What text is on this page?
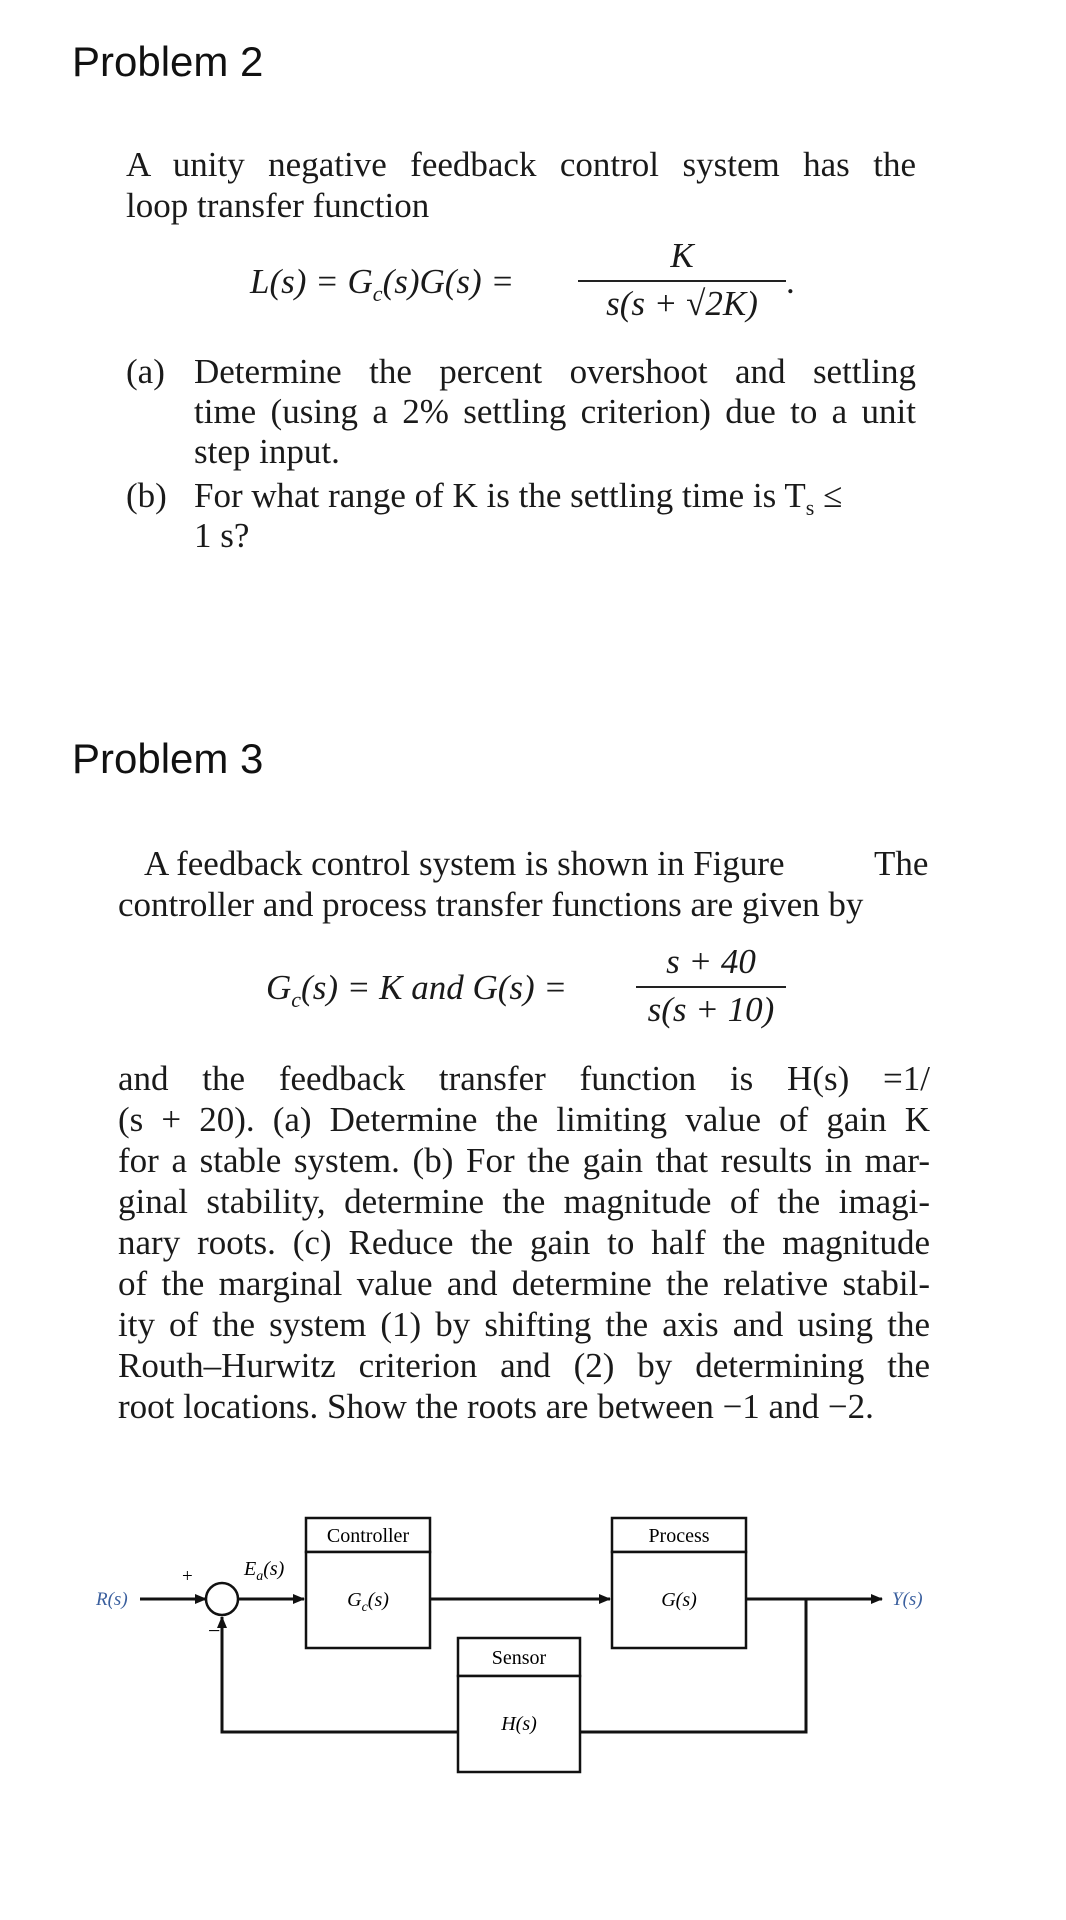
Problem 2
A unity negative feedback control system has the
loop transfer function
$L(s) = G_c(s)G(s)$ =
K
s(s + √2K)
.
(a) Determine the percent overshoot and settling
time (using a 2% settling criterion) due to a unit
step input.
(b) For what range of K is the settling time is $T_s$ ≤
1 s?
Problem 3
A feedback control system is shown in Figure	The
controller and process transfer functions are given by
$G_c(s) = K$ and G(s) =
s + 40
s(s + 10)
and the feedback transfer function is H(s) =1/
(s + 20). (a) Determine the limiting value of gain K
for a stable system. (b) For the gain that results in mar-
ginal stability, determine the magnitude of the imagi-
nary roots. (c) Reduce the gain to half the magnitude
of the marginal value and determine the relative stabil-
ity of the system (1) by shifting the axis and using the
Routh–Hurwitz criterion and (2) by determining the
root locations. Show the roots are between −1 and −2.
R(s)
+
−
$E_a(s)$
Controller
$G_c(s)$
Process
G(s)	Y(s)
Sensor
H(s)
